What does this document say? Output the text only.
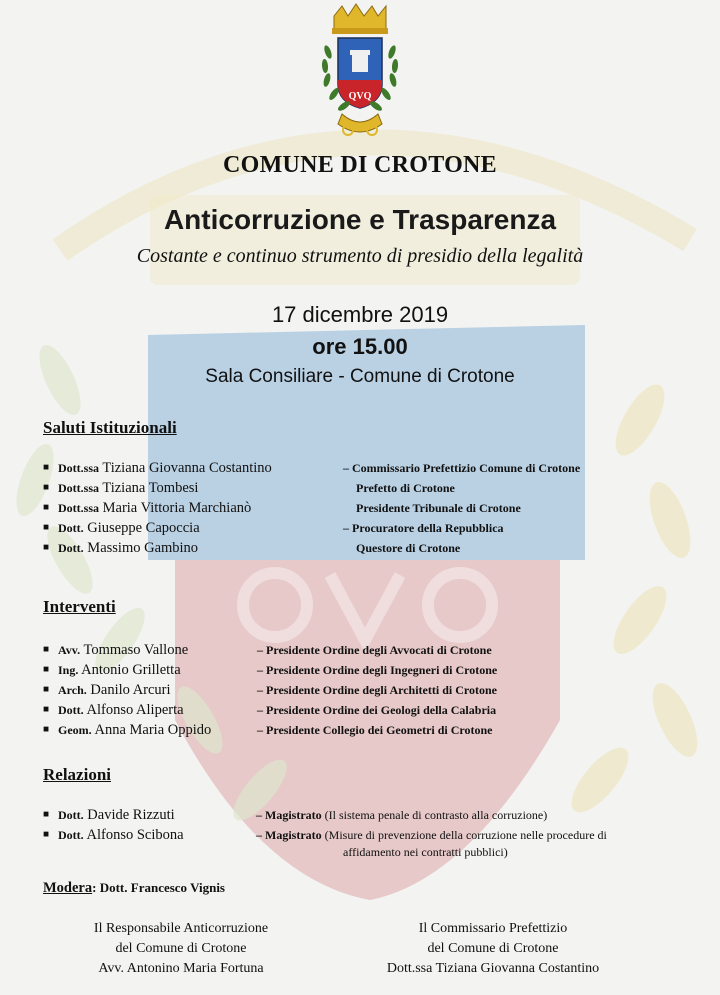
QVQ
COMUNE DI CROTONE
Anticorruzione e Trasparenza
Costante e continuo strumento di presidio della legalità
17 dicembre 2019
ore 15.00
Sala Consiliare - Comune di Crotone
Saluti Istituzionali
■ Dott.ssa Tiziana Giovanna Costantino	– Commissario Prefettizio Comune di Crotone
■ Dott.ssa Tiziana Tombesi	Prefetto di Crotone
■ Dott.ssa Maria Vittoria Marchianò	Presidente Tribunale di Crotone
■ Dott. Giuseppe Capoccia	– Procuratore della Repubblica
■ Dott. Massimo Gambino	Questore di Crotone
Interventi
■ Avv. Tommaso Vallone	– Presidente Ordine degli Avvocati di Crotone
■ Ing. Antonio Grilletta	– Presidente Ordine degli Ingegneri di Crotone
■ Arch. Danilo Arcuri	– Presidente Ordine degli Architetti di Crotone
■ Dott. Alfonso Aliperta	– Presidente Ordine dei Geologi della Calabria
■ Geom. Anna Maria Oppido	– Presidente Collegio dei Geometri di Crotone
Relazioni
■ Dott. Davide Rizzuti	– Magistrato (Il sistema penale di contrasto alla corruzione)
■ Dott. Alfonso Scibona	– Magistrato (Misure di prevenzione della corruzione nelle procedure di
affidamento nei contratti pubblici)
Modera: Dott. Francesco Vignis
Il Responsabile Anticorruzione
del Comune di Crotone
Avv. Antonino Maria Fortuna
Il Commissario Prefettizio
del Comune di Crotone
Dott.ssa Tiziana Giovanna Costantino
